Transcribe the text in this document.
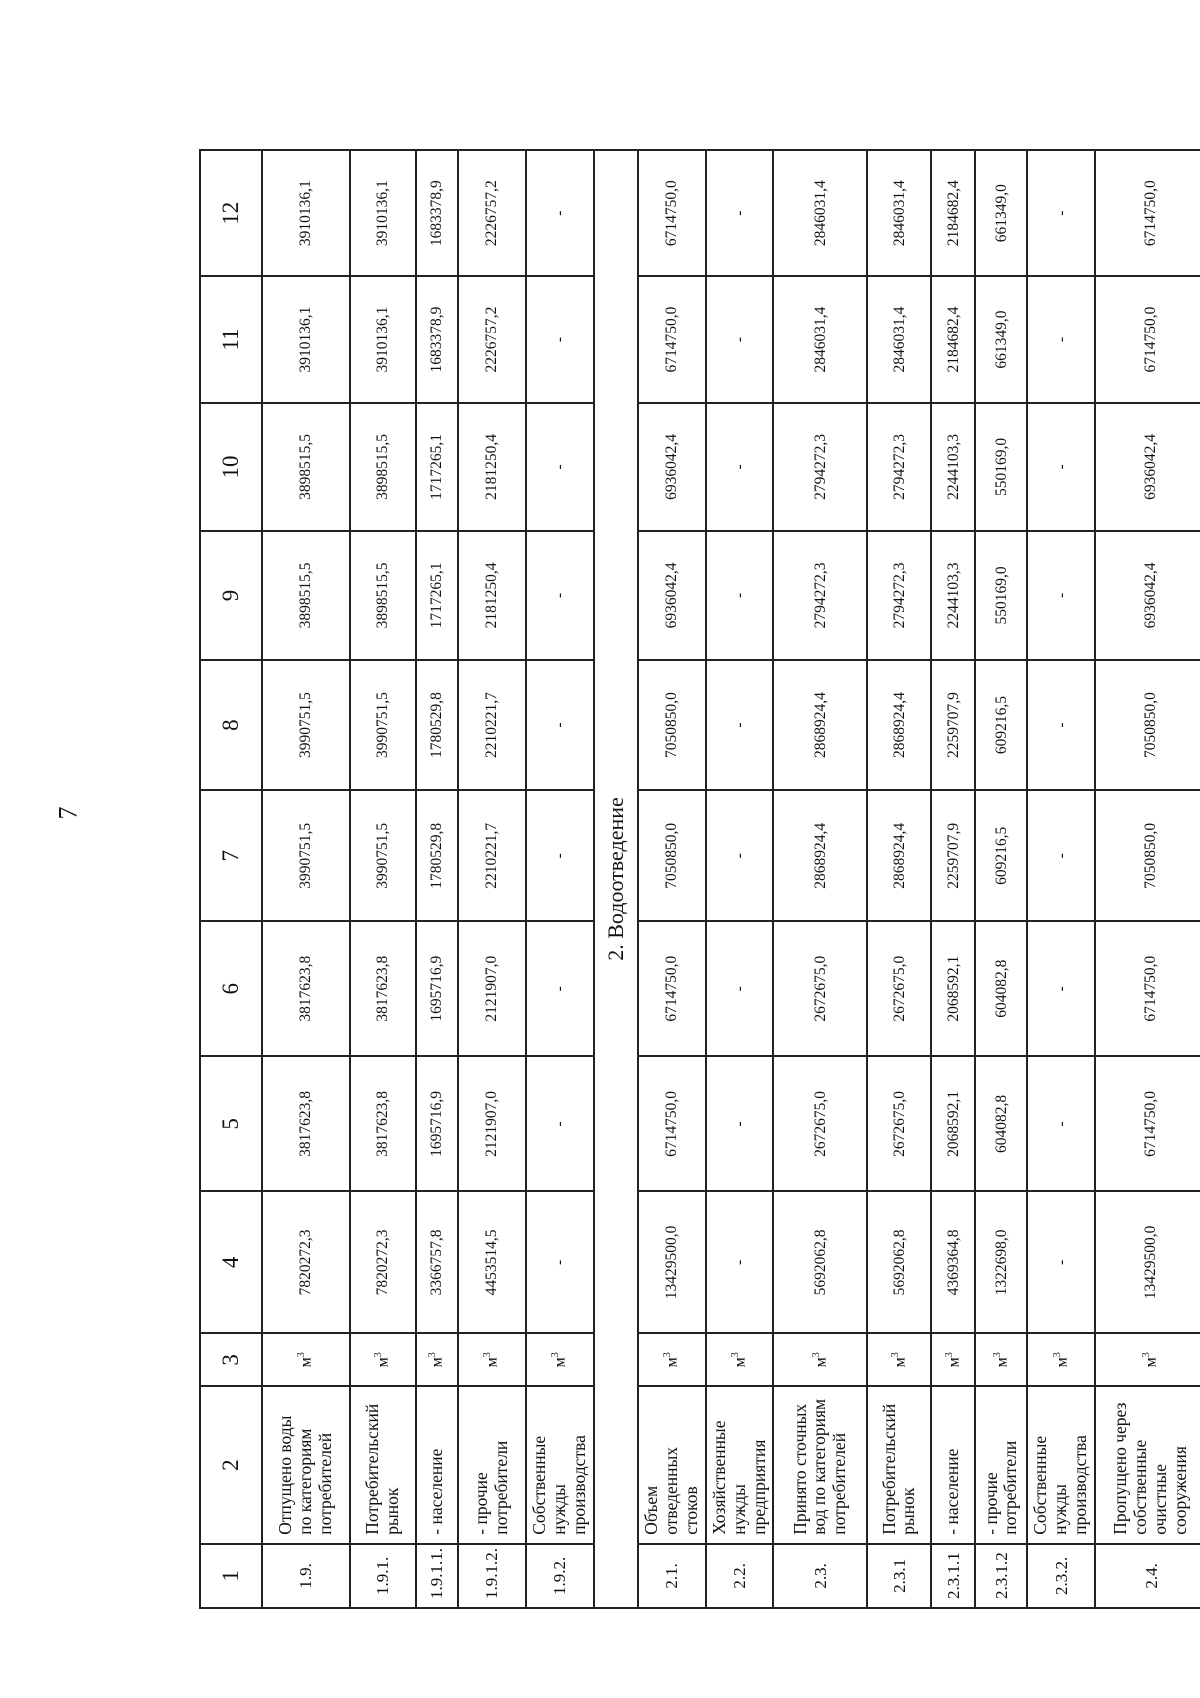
7
1	2	3	4	5	6	7	8	9	10	11	12
1.9.	Отпущено воды по категориям потребителей	$м^3$	7820272,3	3817623,8	3817623,8	3990751,5	3990751,5	3898515,5	3898515,5	3910136,1	3910136,1
1.9.1.	Потребительский рынок	$м^3$	7820272,3	3817623,8	3817623,8	3990751,5	3990751,5	3898515,5	3898515,5	3910136,1	3910136,1
1.9.1.1.	- население	$м^3$	3366757,8	1695716,9	1695716,9	1780529,8	1780529,8	1717265,1	1717265,1	1683378,9	1683378,9
1.9.1.2.	- прочие потребители	$м^3$	4453514,5	2121907,0	2121907,0	2210221,7	2210221,7	2181250,4	2181250,4	2226757,2	2226757,2
1.9.2.	Собственные нужды производства	$м^3$	-	-	-	-	-	-	-	-	-
2. Водоотведение											
2.1.	Объем отведенных стоков	$м^3$	13429500,0	6714750,0	6714750,0	7050850,0	7050850,0	6936042,4	6936042,4	6714750,0	6714750,0
2.2.	Хозяйственные нужды предприятия	$м^3$	-	-	-	-	-	-	-	-	-
2.3.	Принято сточных вод по категориям потребителей	$м^3$	5692062,8	2672675,0	2672675,0	2868924,4	2868924,4	2794272,3	2794272,3	2846031,4	2846031,4
2.3.1	Потребительский рынок	$м^3$	5692062,8	2672675,0	2672675,0	2868924,4	2868924,4	2794272,3	2794272,3	2846031,4	2846031,4
2.3.1.1	- население	$м^3$	4369364,8	2068592,1	2068592,1	2259707,9	2259707,9	2244103,3	2244103,3	2184682,4	2184682,4
2.3.1.2	- прочие потребители	$м^3$	1322698,0	604082,8	604082,8	609216,5	609216,5	550169,0	550169,0	661349,0	661349,0
2.3.2.	Собственные нужды производства	$м^3$	-	-	-	-	-	-	-	-	-
2.4.	Пропущено через собственные очистные сооружения	$м^3$	13429500,0	6714750,0	6714750,0	7050850,0	7050850,0	6936042,4	6936042,4	6714750,0	6714750,0
